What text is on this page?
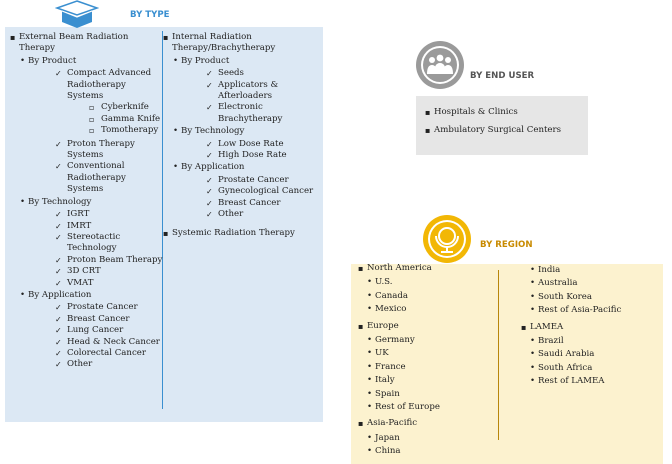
BY TYPE
▪ External Beam Radiation Therapy
• By Product
✓ Compact Advanced Radiotherapy Systems
▫ Cyberknife
▫ Gamma Knife
▫ Tomotherapy
✓ Proton Therapy Systems
✓ Conventional Radiotherapy Systems
• By Technology
✓ IGRT
✓ IMRT
✓ Stereotactic Technology
✓ Proton Beam Therapy
✓ 3D CRT
✓ VMAT
• By Application
✓ Prostate Cancer
✓ Breast Cancer
✓ Lung Cancer
✓ Head & Neck Cancer
✓ Colorectal Cancer
✓ Other
▪ Internal Radiation Therapy/Brachytherapy
• By Product
✓ Seeds
✓ Applicators & Afterloaders
✓ Electronic Brachytherapy
• By Technology
✓ Low Dose Rate
✓ High Dose Rate
• By Application
✓ Prostate Cancer
✓ Gynecological Cancer
✓ Breast Cancer
✓ Other
▪ Systemic Radiation Therapy
BY END USER
▪ Hospitals & Clinics
▪ Ambulatory Surgical Centers
BY REGION
▪ North America
• U.S.
• Canada
• Mexico
▪ Europe
• Germany
• UK
• France
• Italy
• Spain
• Rest of Europe
▪ Asia-Pacific
• Japan
• China
• India
• Australia
• South Korea
• Rest of Asia-Pacific
▪ LAMEA
• Brazil
• Saudi Arabia
• South Africa
• Rest of LAMEA
